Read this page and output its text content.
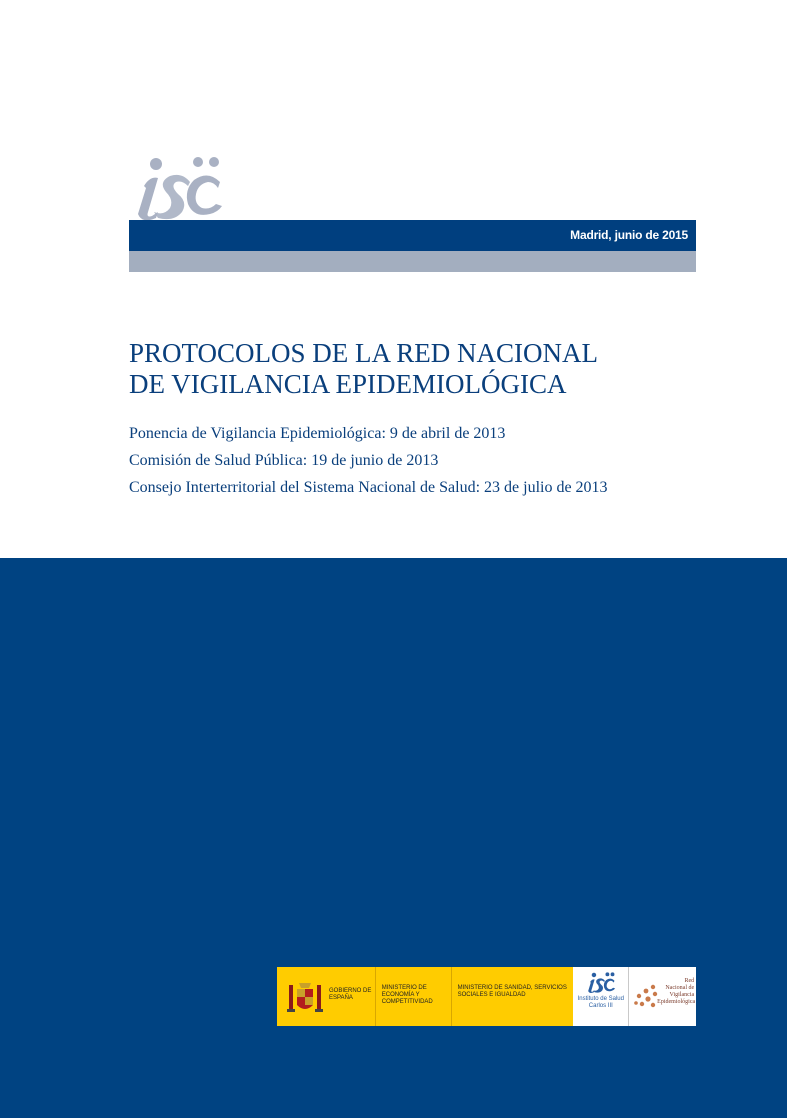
Madrid, junio de 2015
PROTOCOLOS DE LA RED NACIONAL
DE VIGILANCIA EPIDEMIOLÓGICA
Ponencia de Vigilancia Epidemiológica: 9 de abril de 2013
Comisión de Salud Pública: 19 de junio de 2013
Consejo Interterritorial del Sistema Nacional de Salud: 23 de julio de 2013
GOBIERNO DE ESPAÑA
MINISTERIO DE ECONOMÍA Y COMPETITIVIDAD
MINISTERIO DE SANIDAD, SERVICIOS SOCIALES E IGUALDAD
Instituto de Salud Carlos III
Red
Nacional de
Vigilancia
Epidemiológica
